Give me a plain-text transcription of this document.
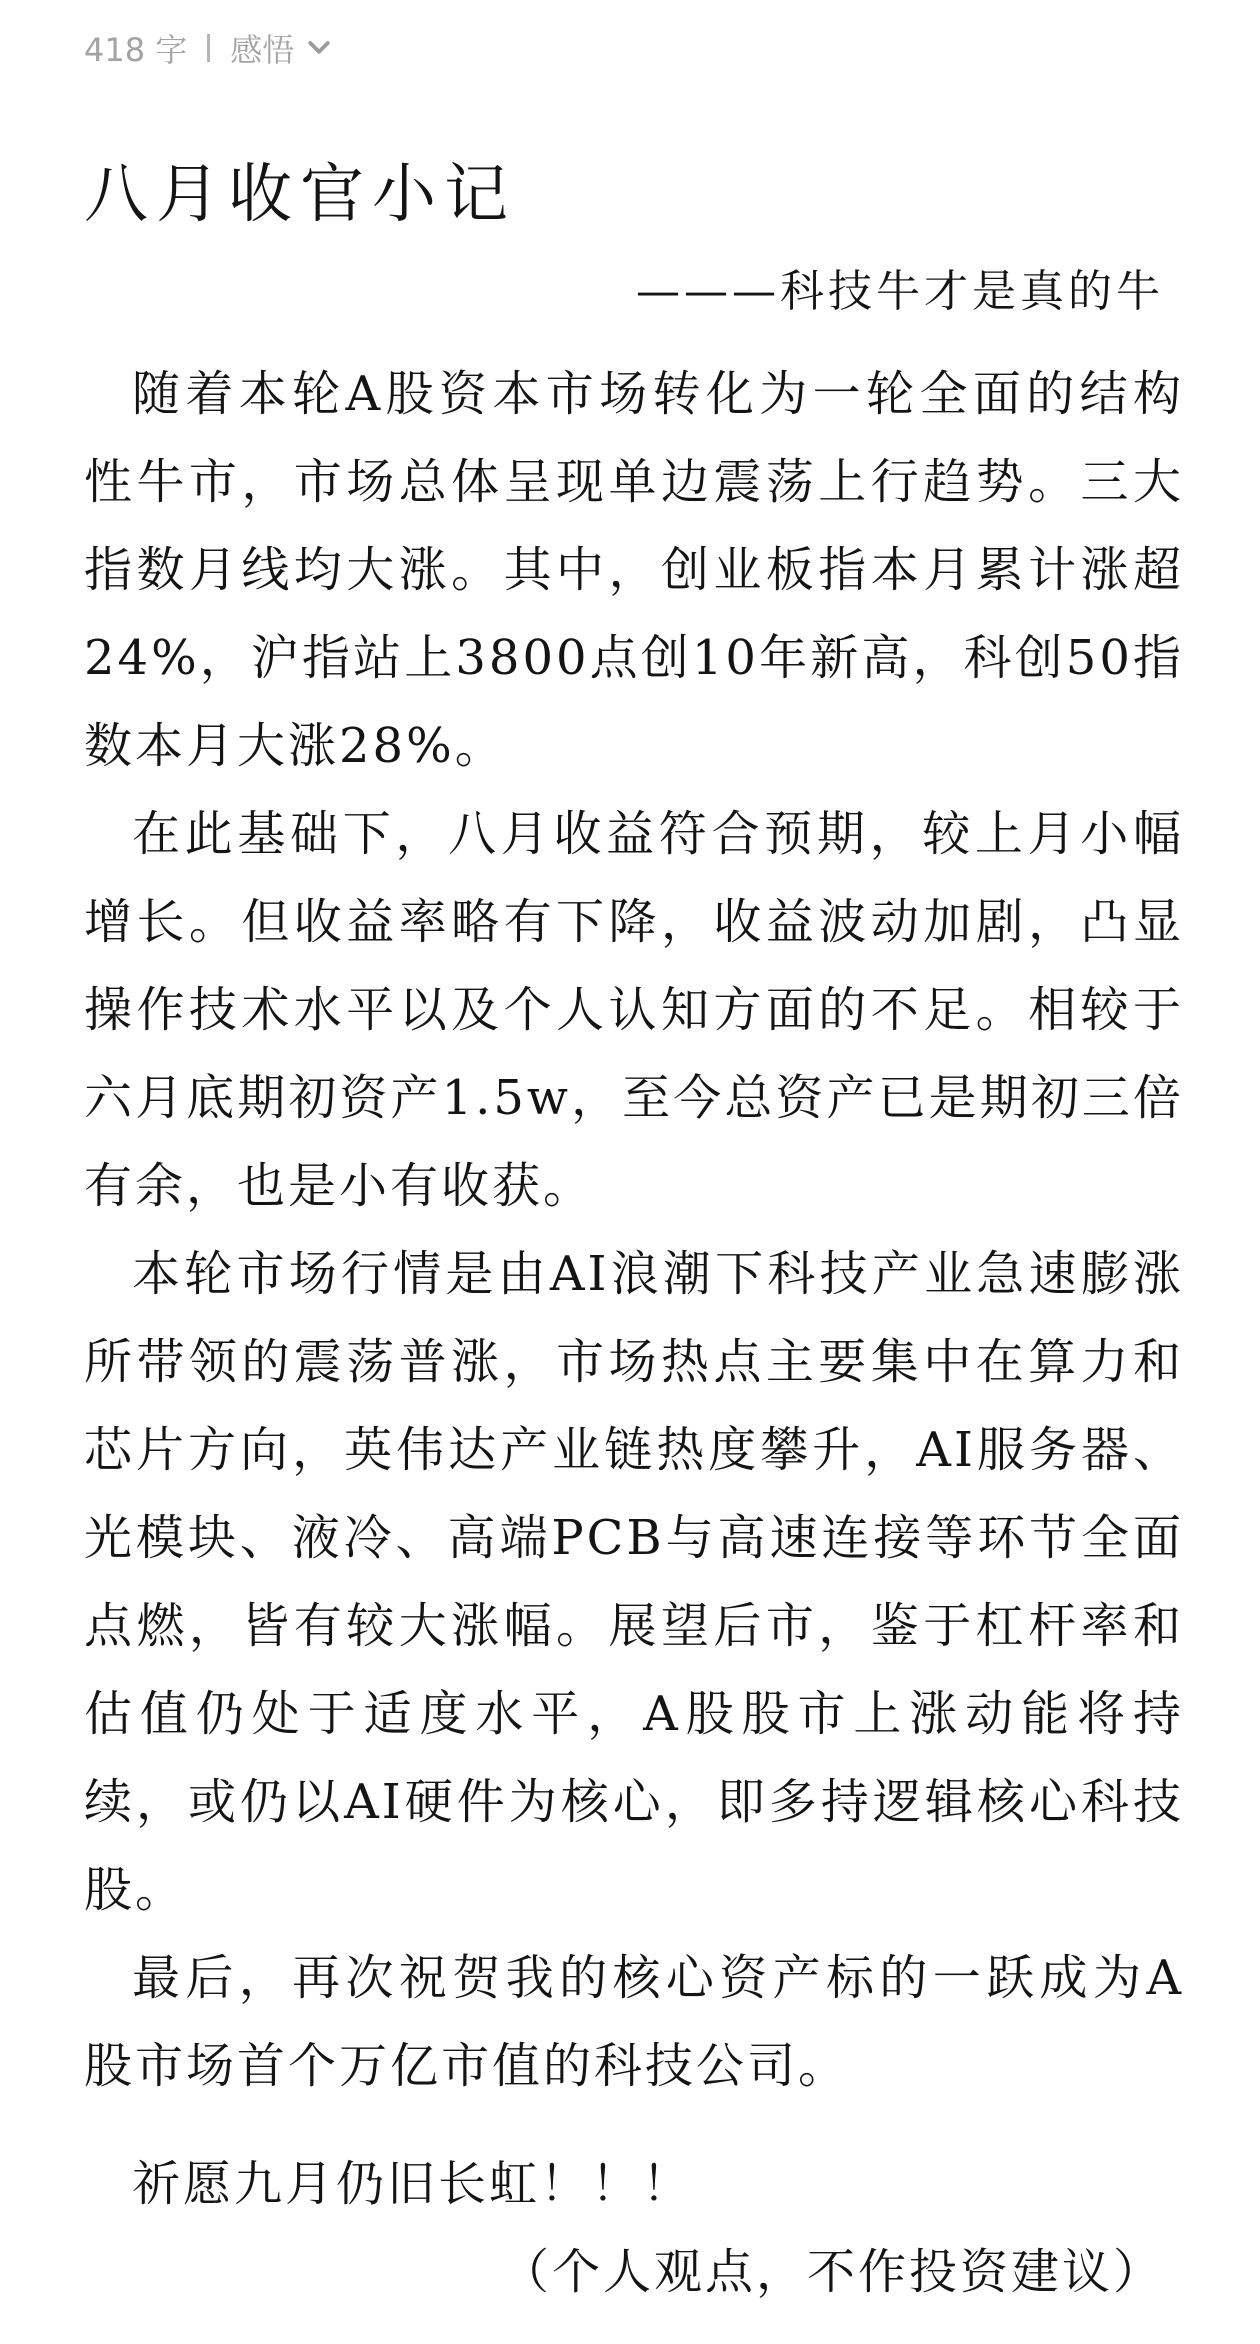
418 字 感悟
八月收官小记

———科技牛才是真的牛

随着本轮A股资本市场转化为一轮全面的结构性牛市，市场总体呈现单边震荡上行趋势。三大指数月线均大涨。其中，创业板指本月累计涨超24%，沪指站上3800点创10年新高，科创50指数本月大涨28%。

在此基础下，八月收益符合预期，较上月小幅增长。但收益率略有下降，收益波动加剧，凸显操作技术水平以及个人认知方面的不足。相较于六月底期初资产1.5w，至今总资产已是期初三倍有余，也是小有收获。

本轮市场行情是由AI浪潮下科技产业急速膨涨所带领的震荡普涨，市场热点主要集中在算力和芯片方向，英伟达产业链热度攀升，AI服务器、光模块、液冷、高端PCB与高速连接等环节全面点燃，皆有较大涨幅。展望后市，鉴于杠杆率和估值仍处于适度水平，A股股市上涨动能将持续，或仍以AI硬件为核心，即多持逻辑核心科技股。

最后，再次祝贺我的核心资产标的一跃成为A股市场首个万亿市值的科技公司。

祈愿九月仍旧长虹！！！

（个人观点，不作投资建议）
